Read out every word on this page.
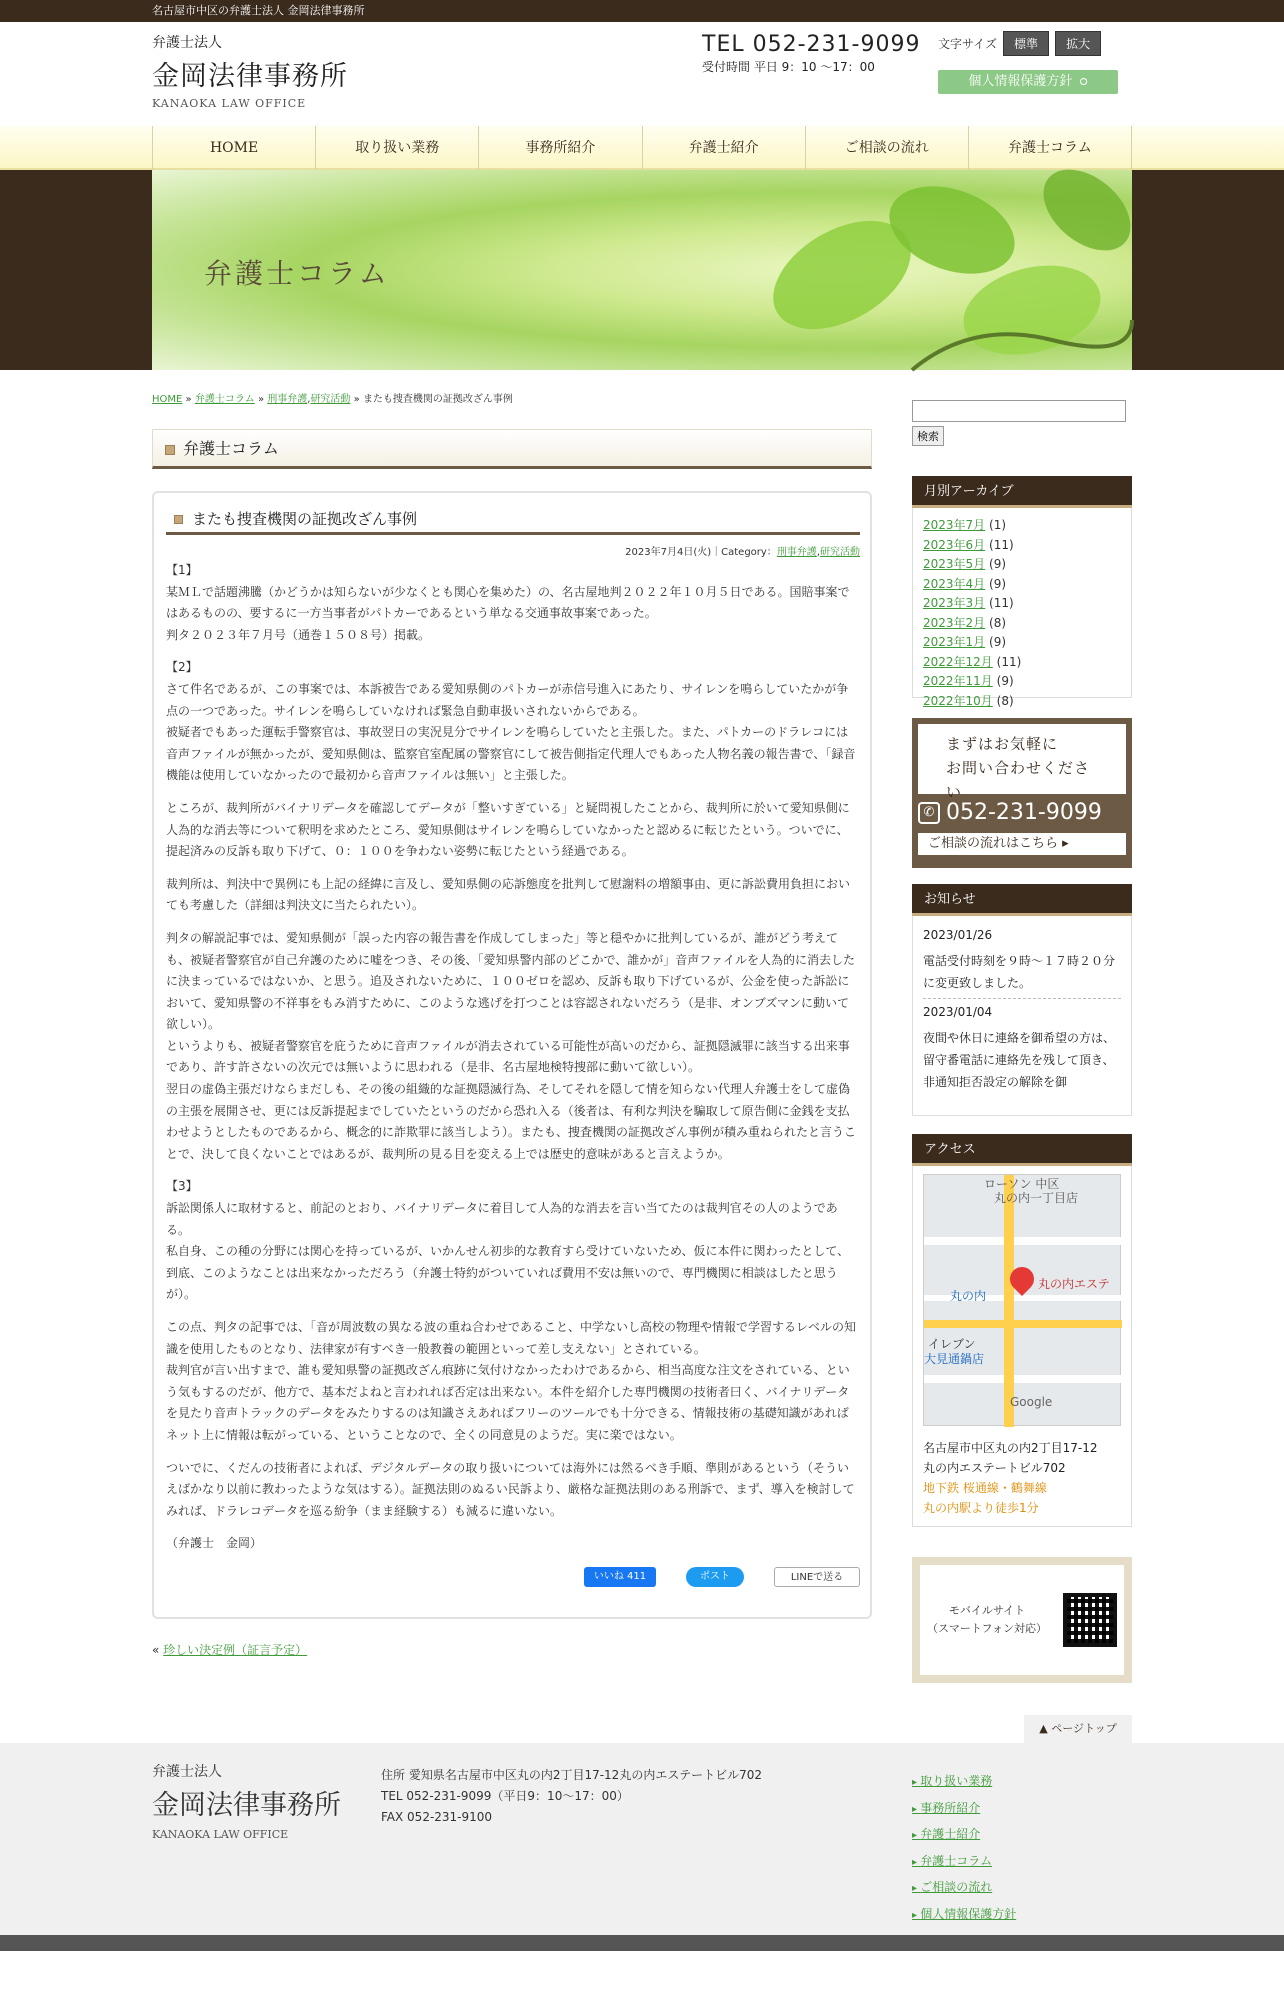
名古屋市中区の弁護士法人 金岡法律事務所
弁護士法人
金岡法律事務所
KANAOKA LAW OFFICE
TEL 052-231-9099
受付時間 平日 9：10 ～17：00
文字サイズ	標準	拡大
個人情報保護方針  ⭘
HOME	取り扱い業務	事務所紹介	弁護士紹介	ご相談の流れ	弁護士コラム
弁護士コラム
HOME » 弁護士コラム » 刑事弁護,研究活動 » またも捜査機関の証拠改ざん事例
弁護士コラム
またも捜査機関の証拠改ざん事例
2023年7月4日(火)｜Category：刑事弁護,研究活動

【1】
某ＭＬで話題沸騰（かどうかは知らないが少なくとも関心を集めた）の、名古屋地判２０２２年１０月５日である。国賠事案ではあるものの、要するに一方当事者がパトカーであるという単なる交通事故事案であった。
判タ２０２３年７月号（通巻１５０８号）掲載。

【2】
さて件名であるが、この事案では、本訴被告である愛知県側のパトカーが赤信号進入にあたり、サイレンを鳴らしていたかが争点の一つであった。サイレンを鳴らしていなければ緊急自動車扱いされないからである。
被疑者でもあった運転手警察官は、事故翌日の実況見分でサイレンを鳴らしていたと主張した。また、パトカーのドラレコには音声ファイルが無かったが、愛知県側は、監察官室配属の警察官にして被告側指定代理人でもあった人物名義の報告書で、「録音機能は使用していなかったので最初から音声ファイルは無い」と主張した。

ところが、裁判所がバイナリデータを確認してデータが「整いすぎている」と疑問視したことから、裁判所に於いて愛知県側に人為的な消去等について釈明を求めたところ、愛知県側はサイレンを鳴らしていなかったと認めるに転じたという。ついでに、提起済みの反訴も取り下げて、０：１００を争わない姿勢に転じたという経過である。

裁判所は、判決中で異例にも上記の経緯に言及し、愛知県側の応訴態度を批判して慰謝料の増額事由、更に訴訟費用負担においても考慮した（詳細は判決文に当たられたい）。

判タの解説記事では、愛知県側が「誤った内容の報告書を作成してしまった」等と穏やかに批判しているが、誰がどう考えても、被疑者警察官が自己弁護のために嘘をつき、その後、「愛知県警内部のどこかで、誰かが」音声ファイルを人為的に消去したに決まっているではないか、と思う。追及されないために、１００ゼロを認め、反訴も取り下げているが、公金を使った訴訟において、愛知県警の不祥事をもみ消すために、このような逃げを打つことは容認されないだろう（是非、オンブズマンに動いて欲しい）。
というよりも、被疑者警察官を庇うために音声ファイルが消去されている可能性が高いのだから、証拠隠滅罪に該当する出来事であり、許す許さないの次元では無いように思われる（是非、名古屋地検特捜部に動いて欲しい）。
翌日の虚偽主張だけならまだしも、その後の組織的な証拠隠滅行為、そしてそれを隠して情を知らない代理人弁護士をして虚偽の主張を展開させ、更には反訴提起までしていたというのだから恐れ入る（後者は、有利な判決を騙取して原告側に金銭を支払わせようとしたものであるから、概念的に詐欺罪に該当しよう）。またも、捜査機関の証拠改ざん事例が積み重ねられたと言うことで、決して良くないことではあるが、裁判所の見る目を変える上では歴史的意味があると言えようか。

【3】
訴訟関係人に取材すると、前記のとおり、バイナリデータに着目して人為的な消去を言い当てたのは裁判官その人のようである。
私自身、この種の分野には関心を持っているが、いかんせん初歩的な教育すら受けていないため、仮に本件に関わったとして、到底、このようなことは出来なかっただろう（弁護士特約がついていれば費用不安は無いので、専門機関に相談はしたと思うが）。

この点、判タの記事では、「音が周波数の異なる波の重ね合わせであること、中学ないし高校の物理や情報で学習するレベルの知識を使用したものとなり、法律家が有すべき一般教養の範囲といって差し支えない」とされている。
裁判官が言い出すまで、誰も愛知県警の証拠改ざん痕跡に気付けなかったわけであるから、相当高度な注文をされている、という気もするのだが、他方で、基本だよねと言われれば否定は出来ない。本件を紹介した専門機関の技術者曰く、バイナリデータを見たり音声トラックのデータをみたりするのは知識さえあればフリーのツールでも十分できる、情報技術の基礎知識があればネット上に情報は転がっている、ということなので、全くの同意見のようだ。実に楽ではない。

ついでに、くだんの技術者によれば、デジタルデータの取り扱いについては海外には然るべき手順、準則があるという（そういえばかなり以前に教わったような気はする）。証拠法則のぬるい民訴より、厳格な証拠法則のある刑訴で、まず、導入を検討してみれば、ドラレコデータを巡る紛争（まま経験する）も減るに違いない。

（弁護士　金岡）

いいね 411	ポスト	LINEで送る
« 珍しい決定例（証言予定）
検索
月別アーカイブ
2023年7月 (1)
2023年6月 (11)
2023年5月 (9)
2023年4月 (9)
2023年3月 (11)
2023年2月 (8)
2023年1月 (9)
2022年12月 (11)
2022年11月 (9)
2022年10月 (8)
まずはお気軽に
お問い合わせください
✆ 052-231-9099
ご相談の流れはこちら ▸
お知らせ
2023/01/26
電話受付時刻を９時〜１７時２０分に変更致しました。
2023/01/04
夜間や休日に連絡を御希望の方は、留守番電話に連絡先を残して頂き、非通知拒否設定の解除を御
アクセス
ローソン 中区
丸の内一丁目店
丸の内エステ
丸の内
イレブン
大見通鍋店
Google
名古屋市中区丸の内2丁目17-12
丸の内エステートビル702
地下鉄 桜通線・鶴舞線
丸の内駅より徒歩1分
モバイルサイト
（スマートフォン対応）
▲ ページトップ
弁護士法人
金岡法律事務所
KANAOKA LAW OFFICE
住所 愛知県名古屋市中区丸の内2丁目17-12丸の内エステートビル702
TEL 052-231-9099（平日9：10～17：00）
FAX 052-231-9100
▸ 取り扱い業務
▸ 事務所紹介
▸ 弁護士紹介
▸ 弁護士コラム
▸ ご相談の流れ
▸ 個人情報保護方針
